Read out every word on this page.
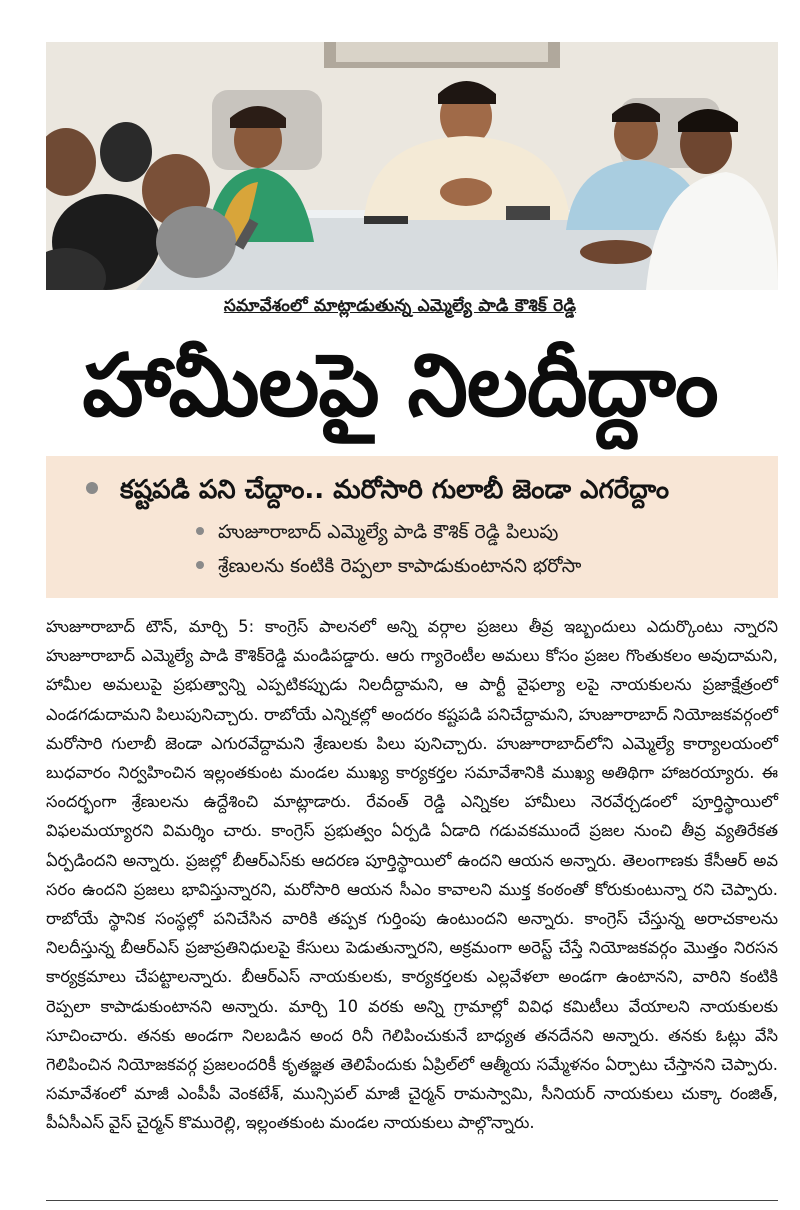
సమావేశంలో మాట్లాడుతున్న ఎమ్మెల్యే పాడి కౌశిక్ రెడ్డి
హామీలపై నిలదీద్దాం
కష్టపడి పని చేద్దాం.. మరోసారి గులాబీ జెండా ఎగరేద్దాం
హుజూరాబాద్ ఎమ్మెల్యే పాడి కౌశిక్ రెడ్డి పిలుపు
శ్రేణులను కంటికి రెప్పలా కాపాడుకుంటానని భరోసా
హుజూరాబాద్ టౌన్, మార్చి 5: కాంగ్రెస్ పాలనలో అన్ని వర్గాల ప్రజలు తీవ్ర ఇబ్బందులు ఎదుర్కొంటు న్నారని హుజూరాబాద్ ఎమ్మెల్యే పాడి కౌశిక్‌రెడ్డి మండిపడ్డారు. ఆరు గ్యారెంటీల అమలు కోసం ప్రజల గొంతుకలం అవుదామని, హామీల అమలుపై ప్రభుత్వాన్ని ఎప్పటికప్పుడు నిలదీద్దామని, ఆ పార్టీ వైఫల్యా లపై నాయకులను ప్రజాక్షేత్రంలో ఎండగడుదామని పిలుపునిచ్చారు. రాబోయే ఎన్నికల్లో అందరం కష్టపడి పనిచేద్దామని, హుజూరాబాద్ నియోజకవర్గంలో మరోసారి గులాబీ జెండా ఎగురవేద్దామని శ్రేణులకు పిలు పునిచ్చారు. హుజూరాబాద్‌లోని ఎమ్మెల్యే కార్యాలయంలో బుధవారం నిర్వహించిన ఇల్లంతకుంట మండల ముఖ్య కార్యకర్తల సమావేశానికి ముఖ్య అతిథిగా హాజరయ్యారు. ఈ సందర్భంగా శ్రేణులను ఉద్దేశించి మాట్లాడారు. రేవంత్ రెడ్డి ఎన్నికల హామీలు నెరవేర్చడంలో పూర్తిస్థాయిలో విఫలమయ్యారని విమర్శిం చారు. కాంగ్రెస్ ప్రభుత్వం ఏర్పడి ఏడాది గడువకముందే ప్రజల నుంచి తీవ్ర వ్యతిరేకత ఏర్పడిందని అన్నారు. ప్రజల్లో బీఆర్ఎస్‌కు ఆదరణ పూర్తిస్థాయిలో ఉందని ఆయన అన్నారు. తెలంగాణకు కేసీఆర్ అవ సరం ఉందని ప్రజలు భావిస్తున్నారని, మరోసారి ఆయన సీఎం కావాలని ముక్త కంఠంతో కోరుకుంటున్నా రని చెప్పారు. రాబోయే స్థానిక సంస్థల్లో పనిచేసిన వారికి తప్పక గుర్తింపు ఉంటుందని అన్నారు. కాంగ్రెస్ చేస్తున్న అరాచకాలను నిలదీస్తున్న బీఆర్ఎస్ ప్రజాప్రతినిధులపై కేసులు పెడుతున్నారని, అక్రమంగా అరెస్ట్ చేస్తే నియోజకవర్గం మొత్తం నిరసన కార్యక్రమాలు చేపట్టాలన్నారు. బీఆర్ఎస్ నాయకులకు, కార్యకర్తలకు ఎల్లవేళలా అండగా ఉంటానని, వారిని కంటికి రెప్పలా కాపాడుకుంటానని అన్నారు. మార్చి 10 వరకు అన్ని గ్రామాల్లో వివిధ కమిటీలు వేయాలని నాయకులకు సూచించారు. తనకు అండగా నిలబడిన అంద రినీ గెలిపించుకునే బాధ్యత తనదేనని అన్నారు. తనకు ఓట్లు వేసి గెలిపించిన నియోజకవర్గ ప్రజలందరికీ కృతజ్ఞత తెలిపేందుకు ఏప్రిల్‌లో ఆత్మీయ సమ్మేళనం ఏర్పాటు చేస్తానని చెప్పారు. సమావేశంలో మాజీ ఎంపీపీ వెంకటేశ్, మున్సిపల్ మాజీ చైర్మన్ రామస్వామి, సీనియర్ నాయకులు చుక్కా రంజిత్, పీఏసీఎస్ వైస్ చైర్మన్ కొమురెల్లి, ఇల్లంతకుంట మండల నాయకులు పాల్గొన్నారు.
